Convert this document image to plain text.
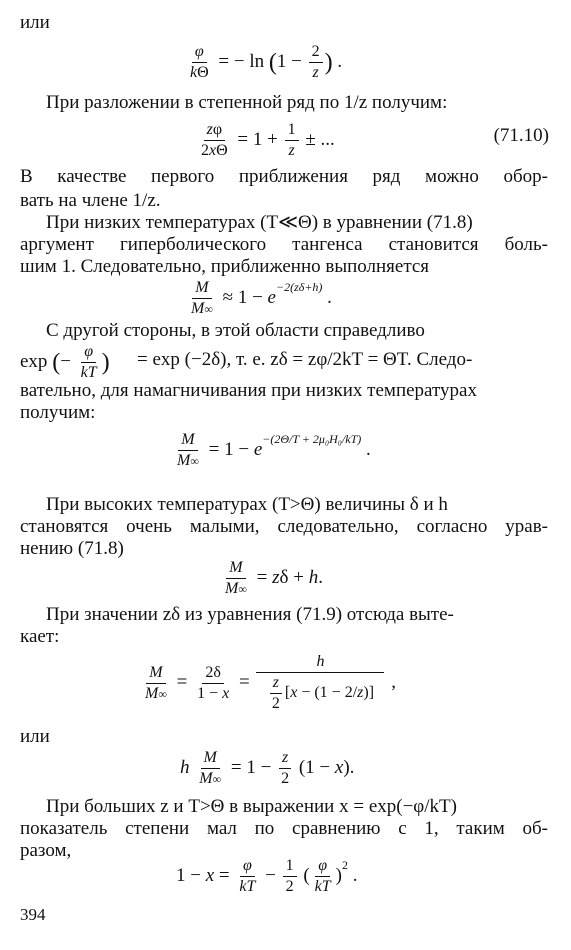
или
$\frac{\varphi}{k\Theta}$ = − $\ln (1 - \frac{2}{z}$ ) .
При разложении в степенной ряд по 1/z получим:
$\frac{z\varphi}{2x\Theta} = 1 + \frac{1}{z}$ ± ...	(71.10)
В качестве первого приближения ряд можно обор-
вать на члене 1/z.
При низких температурах (T≪Θ) в уравнении (71.8)
аргумент гиперболического тангенса становится боль-
шим 1. Следовательно, приближенно выполняется
$\frac{M}{M\infty} \approx 1 - e^{-2(z\delta+h)}$ .
С другой стороны, в этой области справедливо
exp (− $\frac{\varphi}{kT}$ ) = exp (−2δ), т. е. zδ = zφ/2kT = ΘT. Следо-
вательно, для намагничивания при низких температурах
получим:
$\frac{M}{M\infty} = 1 - e^{-(2\Theta/T + 2\mu_0H_0/kT)}$ .
При высоких температурах (T>Θ) величины δ и h
становятся очень малыми, следовательно, согласно урав-
нению (71.8)
$\frac{M}{M\infty} = z\delta + h$.
При значении zδ из уравнения (71.9) отсюда выте-
кает:
$\frac{M}{M\infty} = \frac{2\delta}{1 - x} = \frac{h}{\frac{z}{2} [x - (1 - 2/z)]}$ ,
или
h $\frac{M}{M\infty} = 1 - \frac{z}{2} (1 - x)$.
При больших z и T>Θ в выражении x = exp(−φ/kT)
показатель степени мал по сравнению с 1, таким об-
разом,
$1 - x = \frac{\varphi}{kT} - \frac{1}{2}$ ( $\frac{\varphi}{kT} )^2$ .
394
